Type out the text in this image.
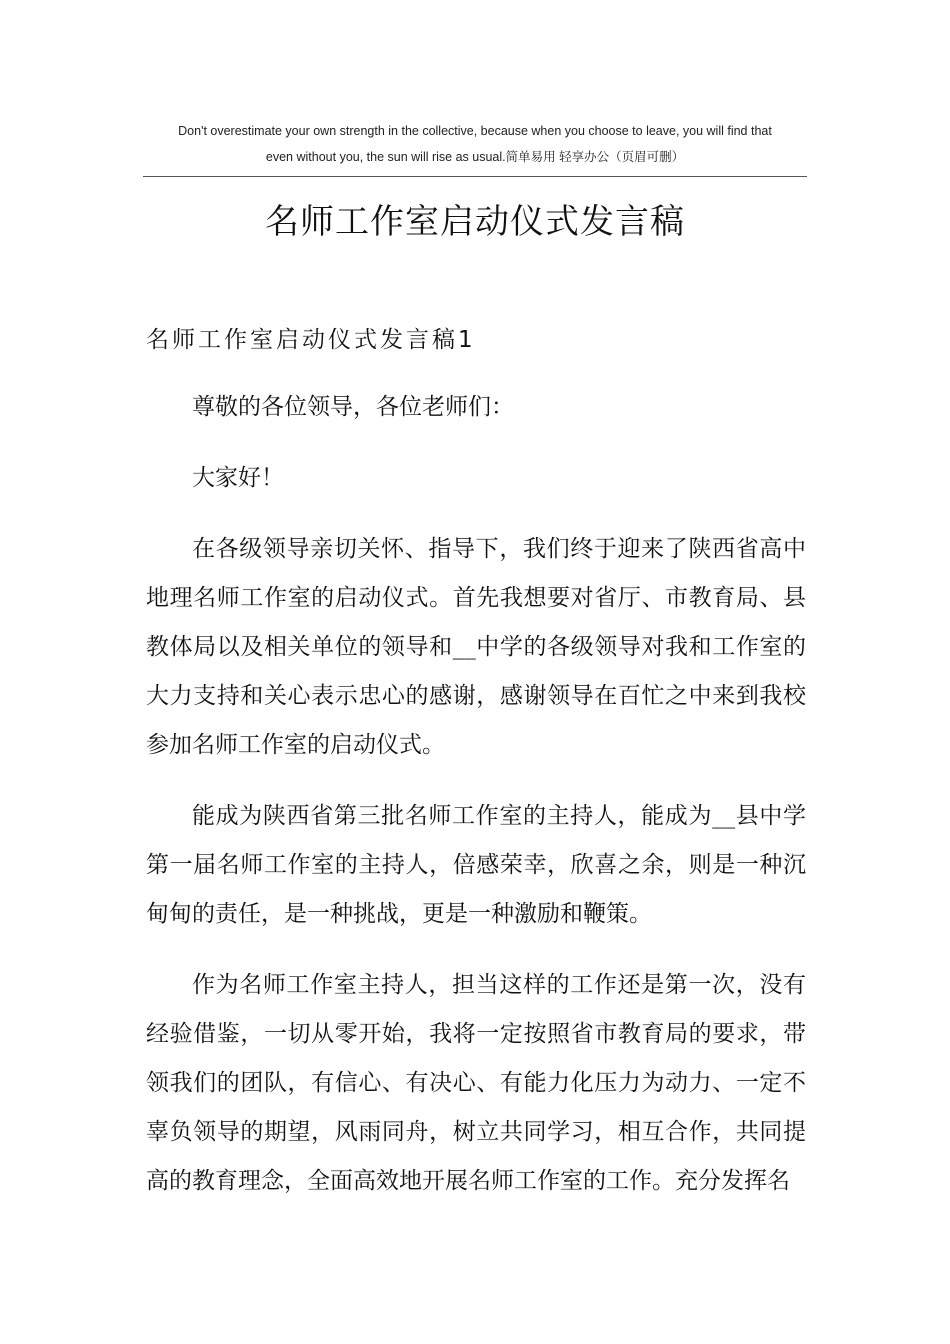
Don't overestimate your own strength in the collective, because when you choose to leave, you will find that
even without you, the sun will rise as usual.简单易用 轻享办公（页眉可删）
名师工作室启动仪式发言稿
名师工作室启动仪式发言稿1

尊敬的各位领导，各位老师们：

大家好！

在各级领导亲切关怀、指导下，我们终于迎来了陕西省高中地理名师工作室的启动仪式。首先我想要对省厅、市教育局、县教体局以及相关单位的领导和__中学的各级领导对我和工作室的大力支持和关心表示忠心的感谢，感谢领导在百忙之中来到我校参加名师工作室的启动仪式。

能成为陕西省第三批名师工作室的主持人，能成为__县中学第一届名师工作室的主持人，倍感荣幸，欣喜之余，则是一种沉甸甸的责任，是一种挑战，更是一种激励和鞭策。

作为名师工作室主持人，担当这样的工作还是第一次，没有经验借鉴，一切从零开始，我将一定按照省市教育局的要求，带领我们的团队，有信心、有决心、有能力化压力为动力、一定不辜负领导的期望，风雨同舟，树立共同学习，相互合作，共同提高的教育理念，全面高效地开展名师工作室的工作。充分发挥名
